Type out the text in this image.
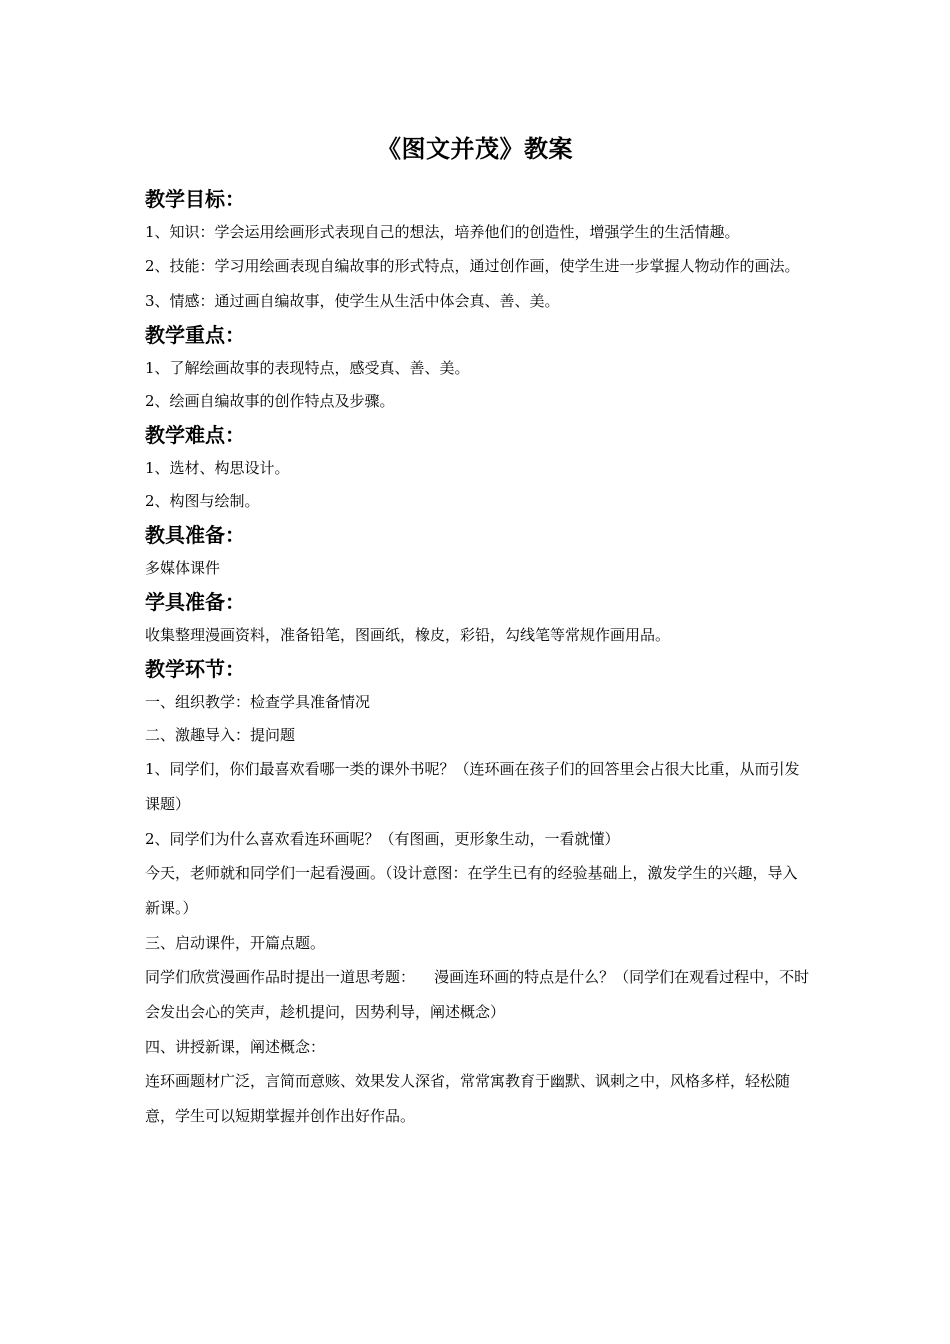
《图文并茂》教案

教学目标：

1、知识：学会运用绘画形式表现自己的想法，培养他们的创造性，增强学生的生活情趣。

2、技能：学习用绘画表现自编故事的形式特点，通过创作画，使学生进一步掌握人物动作的画法。

3、情感：通过画自编故事，使学生从生活中体会真、善、美。

教学重点：

1、了解绘画故事的表现特点，感受真、善、美。

2、绘画自编故事的创作特点及步骤。

教学难点：

1、选材、构思设计。

2、构图与绘制。

教具准备：

多媒体课件

学具准备：

收集整理漫画资料，准备铅笔，图画纸，橡皮，彩铅，勾线笔等常规作画用品。

教学环节：

一、组织教学：检查学具准备情况

二、激趣导入：提问题

1、同学们，你们最喜欢看哪一类的课外书呢？（连环画在孩子们的回答里会占很大比重，从而引发课题）

2、同学们为什么喜欢看连环画呢？（有图画，更形象生动，一看就懂）

今天，老师就和同学们一起看漫画。（设计意图：在学生已有的经验基础上，激发学生的兴趣，导入新课。）

三、启动课件，开篇点题。

同学们欣赏漫画作品时提出一道思考题：    漫画连环画的特点是什么？（同学们在观看过程中，不时会发出会心的笑声，趁机提问，因势利导，阐述概念）

四、讲授新课，阐述概念：

连环画题材广泛，言简而意赅、效果发人深省，常常寓教育于幽默、讽刺之中，风格多样，轻松随意，学生可以短期掌握并创作出好作品。
